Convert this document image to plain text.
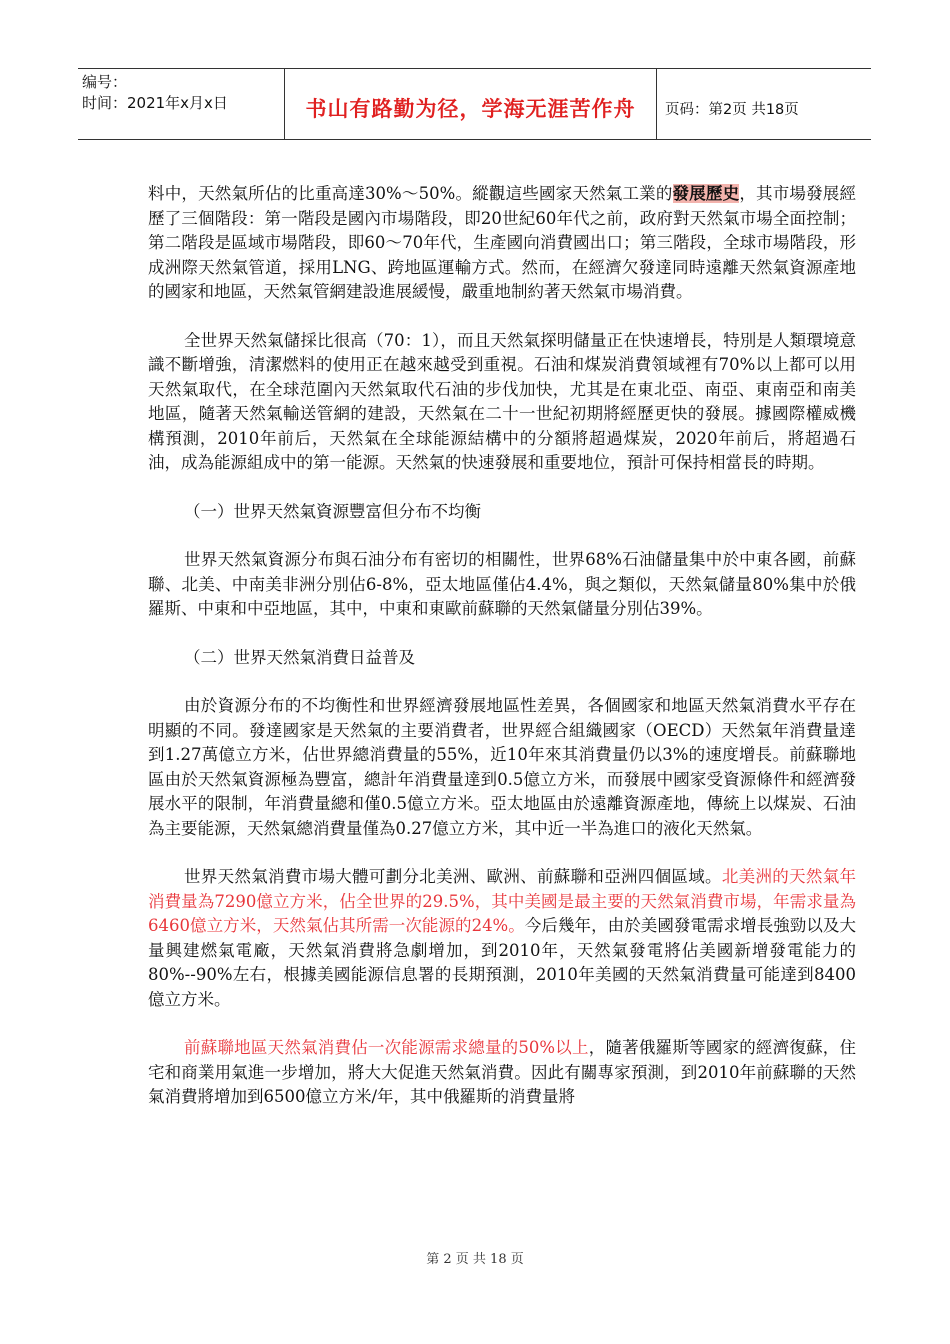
编号：
时间：2021年x月x日	书山有路勤为径，学海无涯苦作舟	页码：第2页 共18页

料中，天然氣所佔的比重高達30%～50%。縱觀這些國家天然氣工業的發展歷史，其市場發展經歷了三個階段：第一階段是國內市場階段，即20世紀60年代之前，政府對天然氣市場全面控制；第二階段是區域市場階段，即60～70年代，生產國向消費國出口；第三階段，全球市場階段，形成洲際天然氣管道，採用LNG、跨地區運輸方式。然而，在經濟欠發達同時遠離天然氣資源產地的國家和地區，天然氣管網建設進展緩慢，嚴重地制約著天然氣市場消費。

全世界天然氣儲採比很高（70：1），而且天然氣探明儲量正在快速增長，特別是人類環境意識不斷增強，清潔燃料的使用正在越來越受到重視。石油和煤炭消費領域裡有70%以上都可以用天然氣取代，在全球范圍內天然氣取代石油的步伐加快，尤其是在東北亞、南亞、東南亞和南美地區，隨著天然氣輸送管網的建設，天然氣在二十一世紀初期將經歷更快的發展。據國際權威機構預測，2010年前后，天然氣在全球能源結構中的分額將超過煤炭，2020年前后，將超過石油，成為能源組成中的第一能源。天然氣的快速發展和重要地位，預計可保持相當長的時期。

（一）世界天然氣資源豐富但分布不均衡

世界天然氣資源分布與石油分布有密切的相關性，世界68%石油儲量集中於中東各國，前蘇聯、北美、中南美非洲分別佔6-8%，亞太地區僅佔4.4%，與之類似，天然氣儲量80%集中於俄羅斯、中東和中亞地區，其中，中東和東歐前蘇聯的天然氣儲量分別佔39%。

（二）世界天然氣消費日益普及

由於資源分布的不均衡性和世界經濟發展地區性差異，各個國家和地區天然氣消費水平存在明顯的不同。發達國家是天然氣的主要消費者，世界經合組織國家（OECD）天然氣年消費量達到1.27萬億立方米，佔世界總消費量的55%，近10年來其消費量仍以3%的速度增長。前蘇聯地區由於天然氣資源極為豐富，總計年消費量達到0.5億立方米，而發展中國家受資源條件和經濟發展水平的限制，年消費量總和僅0.5億立方米。亞太地區由於遠離資源產地，傳統上以煤炭、石油為主要能源，天然氣總消費量僅為0.27億立方米，其中近一半為進口的液化天然氣。

世界天然氣消費市場大體可劃分北美洲、歐洲、前蘇聯和亞洲四個區域。北美洲的天然氣年消費量為7290億立方米，佔全世界的29.5%，其中美國是最主要的天然氣消費市場，年需求量為6460億立方米，天然氣佔其所需一次能源的24%。今后幾年，由於美國發電需求增長強勁以及大量興建燃氣電廠，天然氣消費將急劇增加，到2010年，天然氣發電將佔美國新增發電能力的80%--90%左右，根據美國能源信息署的長期預測，2010年美國的天然氣消費量可能達到8400億立方米。

前蘇聯地區天然氣消費佔一次能源需求總量的50%以上，隨著俄羅斯等國家的經濟復蘇，住宅和商業用氣進一步增加，將大大促進天然氣消費。因此有關專家預測，到2010年前蘇聯的天然氣消費將增加到6500億立方米/年，其中俄羅斯的消費量將

第 2 页 共 18 页
